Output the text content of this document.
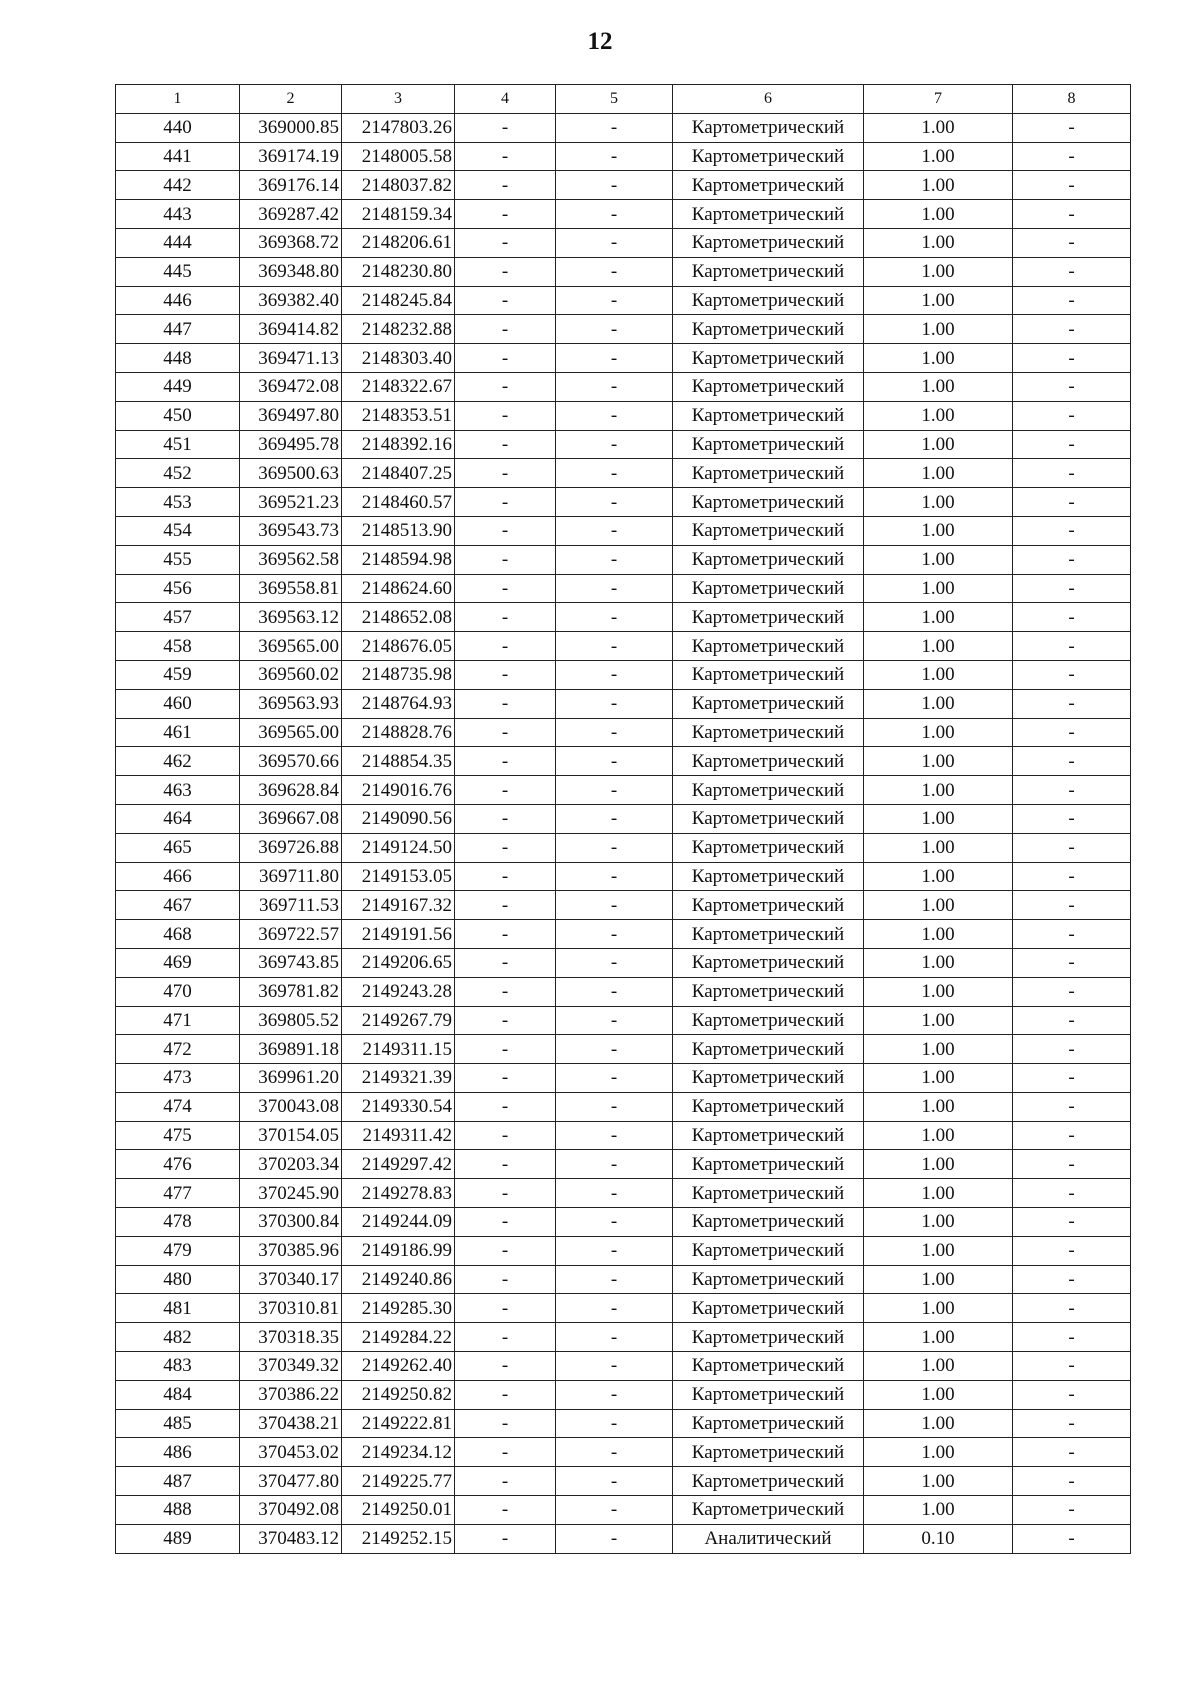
12
1	2	3	4	5	6	7	8
440	369000.85	2147803.26	-	-	Картометрический	1.00	-
441	369174.19	2148005.58	-	-	Картометрический	1.00	-
442	369176.14	2148037.82	-	-	Картометрический	1.00	-
443	369287.42	2148159.34	-	-	Картометрический	1.00	-
444	369368.72	2148206.61	-	-	Картометрический	1.00	-
445	369348.80	2148230.80	-	-	Картометрический	1.00	-
446	369382.40	2148245.84	-	-	Картометрический	1.00	-
447	369414.82	2148232.88	-	-	Картометрический	1.00	-
448	369471.13	2148303.40	-	-	Картометрический	1.00	-
449	369472.08	2148322.67	-	-	Картометрический	1.00	-
450	369497.80	2148353.51	-	-	Картометрический	1.00	-
451	369495.78	2148392.16	-	-	Картометрический	1.00	-
452	369500.63	2148407.25	-	-	Картометрический	1.00	-
453	369521.23	2148460.57	-	-	Картометрический	1.00	-
454	369543.73	2148513.90	-	-	Картометрический	1.00	-
455	369562.58	2148594.98	-	-	Картометрический	1.00	-
456	369558.81	2148624.60	-	-	Картометрический	1.00	-
457	369563.12	2148652.08	-	-	Картометрический	1.00	-
458	369565.00	2148676.05	-	-	Картометрический	1.00	-
459	369560.02	2148735.98	-	-	Картометрический	1.00	-
460	369563.93	2148764.93	-	-	Картометрический	1.00	-
461	369565.00	2148828.76	-	-	Картометрический	1.00	-
462	369570.66	2148854.35	-	-	Картометрический	1.00	-
463	369628.84	2149016.76	-	-	Картометрический	1.00	-
464	369667.08	2149090.56	-	-	Картометрический	1.00	-
465	369726.88	2149124.50	-	-	Картометрический	1.00	-
466	369711.80	2149153.05	-	-	Картометрический	1.00	-
467	369711.53	2149167.32	-	-	Картометрический	1.00	-
468	369722.57	2149191.56	-	-	Картометрический	1.00	-
469	369743.85	2149206.65	-	-	Картометрический	1.00	-
470	369781.82	2149243.28	-	-	Картометрический	1.00	-
471	369805.52	2149267.79	-	-	Картометрический	1.00	-
472	369891.18	2149311.15	-	-	Картометрический	1.00	-
473	369961.20	2149321.39	-	-	Картометрический	1.00	-
474	370043.08	2149330.54	-	-	Картометрический	1.00	-
475	370154.05	2149311.42	-	-	Картометрический	1.00	-
476	370203.34	2149297.42	-	-	Картометрический	1.00	-
477	370245.90	2149278.83	-	-	Картометрический	1.00	-
478	370300.84	2149244.09	-	-	Картометрический	1.00	-
479	370385.96	2149186.99	-	-	Картометрический	1.00	-
480	370340.17	2149240.86	-	-	Картометрический	1.00	-
481	370310.81	2149285.30	-	-	Картометрический	1.00	-
482	370318.35	2149284.22	-	-	Картометрический	1.00	-
483	370349.32	2149262.40	-	-	Картометрический	1.00	-
484	370386.22	2149250.82	-	-	Картометрический	1.00	-
485	370438.21	2149222.81	-	-	Картометрический	1.00	-
486	370453.02	2149234.12	-	-	Картометрический	1.00	-
487	370477.80	2149225.77	-	-	Картометрический	1.00	-
488	370492.08	2149250.01	-	-	Картометрический	1.00	-
489	370483.12	2149252.15	-	-	Аналитический	0.10	-
